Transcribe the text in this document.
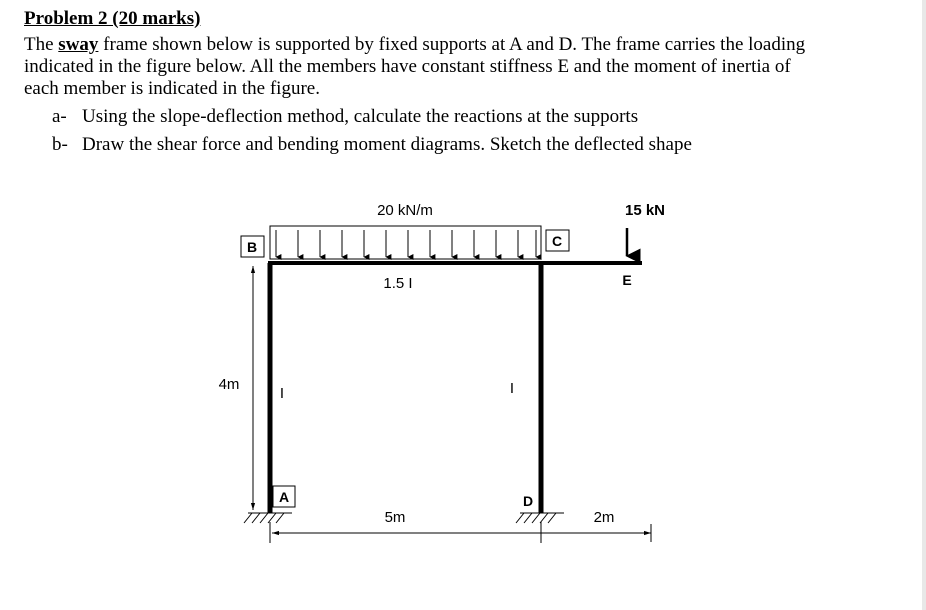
Problem 2 (20 marks)

The sway frame shown below is supported by fixed supports at A and D. The frame carries the loading
indicated in the figure below. All the members have constant stiffness E and the moment of inertia of
each member is indicated in the figure.

a- Using the slope-deflection method, calculate the reactions at the supports
b- Draw the shear force and bending moment diagrams. Sketch the deflected shape
20 kN/m	15 kN
B	C
E
A	D
1.5 I
I	I
4m
5m	2m
